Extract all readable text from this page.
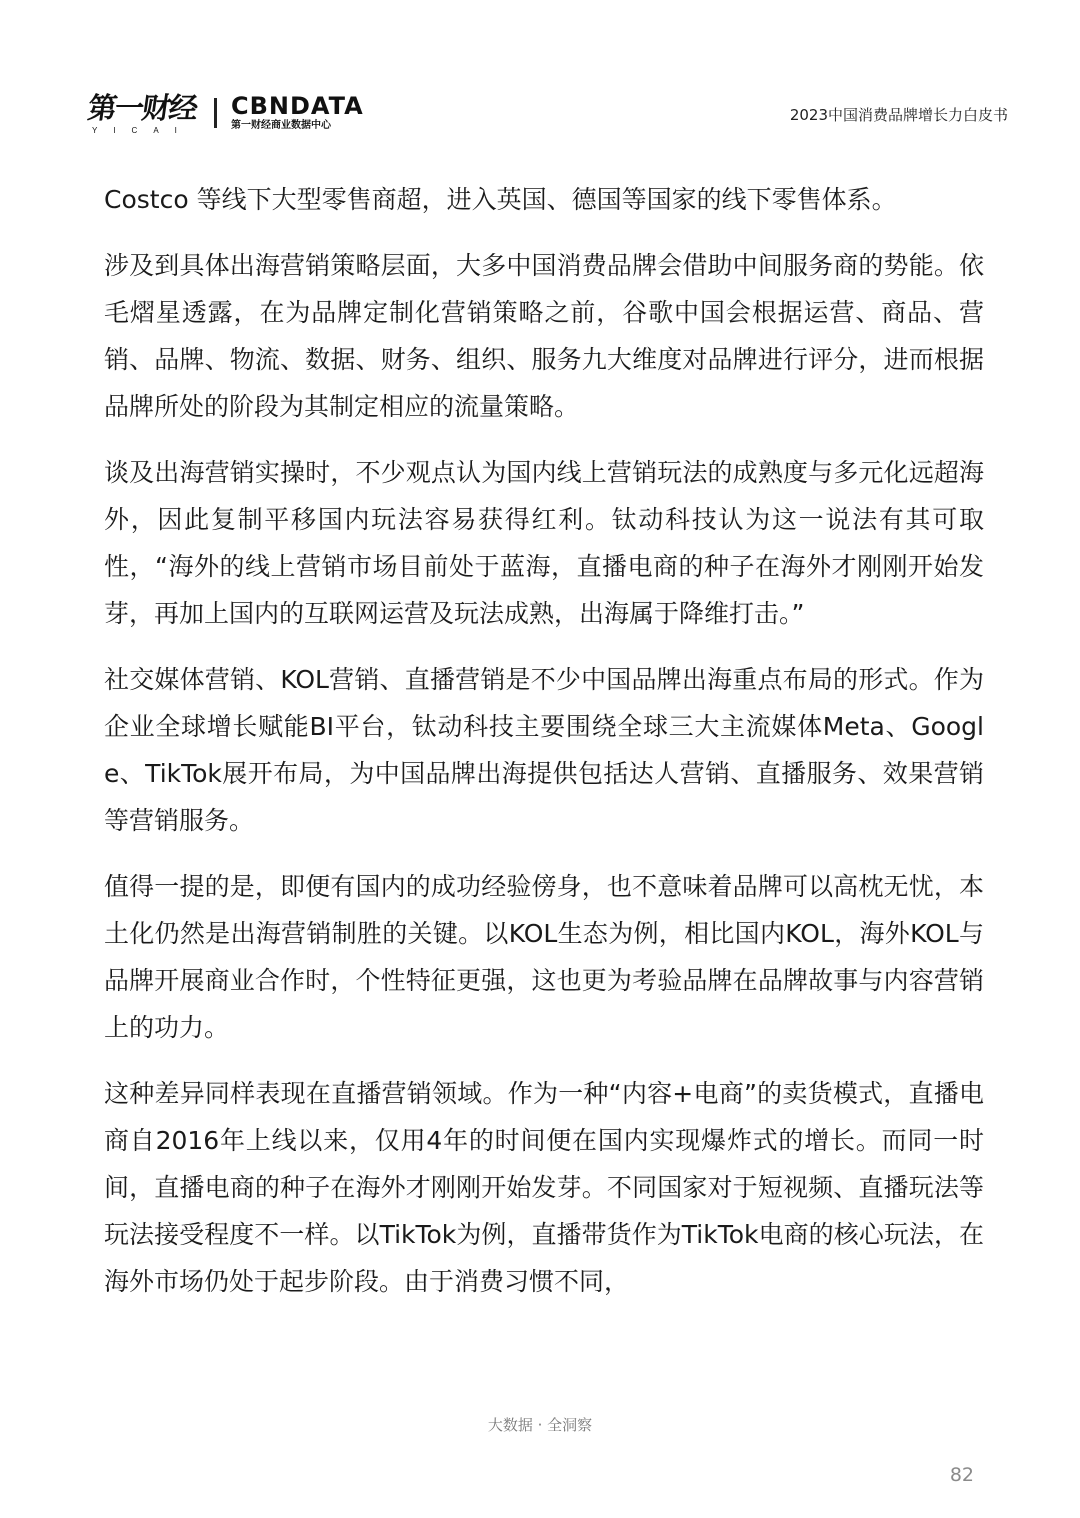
第一财经
YICAI
CBNDATA
第一财经商业数据中心
2023中国消费品牌增长力白皮书

Costco 等线下大型零售商超，进入英国、德国等国家的线下零售体系。

涉及到具体出海营销策略层面，大多中国消费品牌会借助中间服务商的势能。依毛熠星透露，在为品牌定制化营销策略之前，谷歌中国会根据运营、商品、营销、品牌、物流、数据、财务、组织、服务九大维度对品牌进行评分，进而根据品牌所处的阶段为其制定相应的流量策略。

谈及出海营销实操时，不少观点认为国内线上营销玩法的成熟度与多元化远超海外，因此复制平移国内玩法容易获得红利。钛动科技认为这一说法有其可取性，“海外的线上营销市场目前处于蓝海，直播电商的种子在海外才刚刚开始发芽，再加上国内的互联网运营及玩法成熟，出海属于降维打击。”

社交媒体营销、KOL营销、直播营销是不少中国品牌出海重点布局的形式。作为企业全球增长赋能BI平台，钛动科技主要围绕全球三大主流媒体Meta、Google、TikTok展开布局，为中国品牌出海提供包括达人营销、直播服务、效果营销等营销服务。

值得一提的是，即便有国内的成功经验傍身，也不意味着品牌可以高枕无忧，本土化仍然是出海营销制胜的关键。以KOL生态为例，相比国内KOL，海外KOL与品牌开展商业合作时，个性特征更强，这也更为考验品牌在品牌故事与内容营销上的功力。

这种差异同样表现在直播营销领域。作为一种“内容+电商”的卖货模式，直播电商自2016年上线以来，仅用4年的时间便在国内实现爆炸式的增长。而同一时间，直播电商的种子在海外才刚刚开始发芽。不同国家对于短视频、直播玩法等玩法接受程度不一样。以TikTok为例，直播带货作为TikTok电商的核心玩法，在海外市场仍处于起步阶段。由于消费习惯不同，

大数据 · 全洞察
82
